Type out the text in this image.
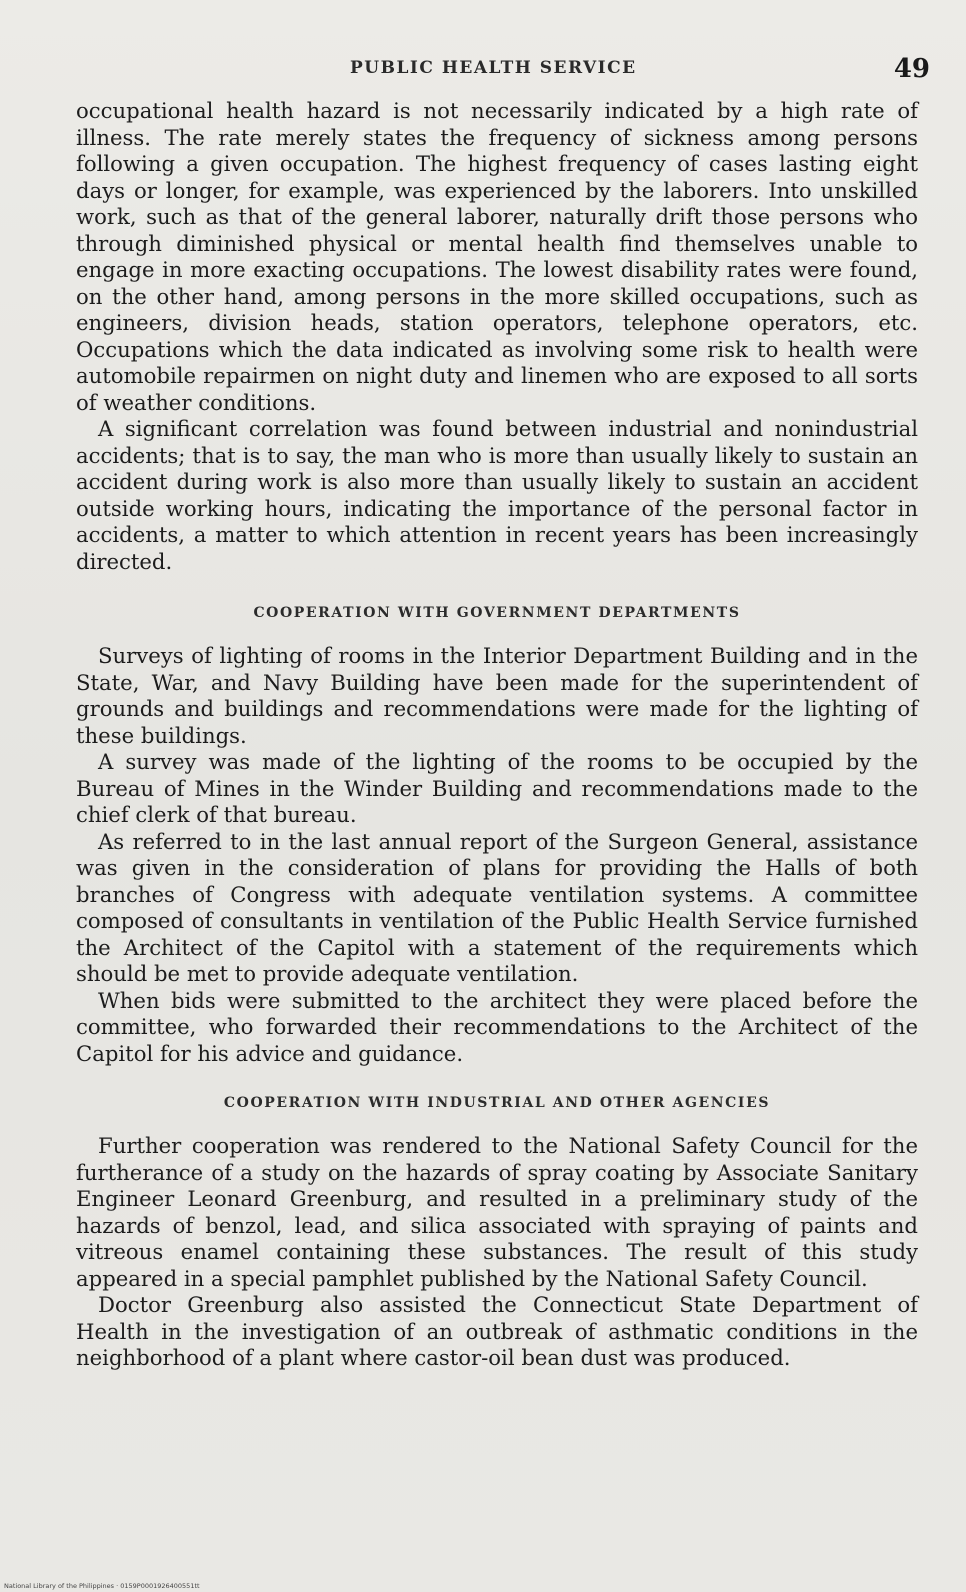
PUBLIC HEALTH SERVICE	49

occupational health hazard is not necessarily indicated by a high rate of illness. The rate merely states the frequency of sickness among persons following a given occupation. The highest frequency of cases lasting eight days or longer, for example, was experienced by the laborers. Into unskilled work, such as that of the general laborer, naturally drift those persons who through diminished physical or mental health find themselves unable to engage in more exacting occupations. The lowest disability rates were found, on the other hand, among persons in the more skilled occupations, such as engineers, division heads, station operators, telephone operators, etc. Occupations which the data indicated as involving some risk to health were automobile repairmen on night duty and linemen who are exposed to all sorts of weather conditions.

A significant correlation was found between industrial and nonindustrial accidents; that is to say, the man who is more than usually likely to sustain an accident during work is also more than usually likely to sustain an accident outside working hours, indicating the importance of the personal factor in accidents, a matter to which attention in recent years has been increasingly directed.

COOPERATION WITH GOVERNMENT DEPARTMENTS

Surveys of lighting of rooms in the Interior Department Building and in the State, War, and Navy Building have been made for the superintendent of grounds and buildings and recommendations were made for the lighting of these buildings.

A survey was made of the lighting of the rooms to be occupied by the Bureau of Mines in the Winder Building and recommendations made to the chief clerk of that bureau.

As referred to in the last annual report of the Surgeon General, assistance was given in the consideration of plans for providing the Halls of both branches of Congress with adequate ventilation systems. A committee composed of consultants in ventilation of the Public Health Service furnished the Architect of the Capitol with a statement of the requirements which should be met to provide adequate ventilation.

When bids were submitted to the architect they were placed before the committee, who forwarded their recommendations to the Architect of the Capitol for his advice and guidance.

COOPERATION WITH INDUSTRIAL AND OTHER AGENCIES

Further cooperation was rendered to the National Safety Council for the furtherance of a study on the hazards of spray coating by Associate Sanitary Engineer Leonard Greenburg, and resulted in a preliminary study of the hazards of benzol, lead, and silica associated with spraying of paints and vitreous enamel containing these substances. The result of this study appeared in a special pamphlet published by the National Safety Council.

Doctor Greenburg also assisted the Connecticut State Department of Health in the investigation of an outbreak of asthmatic conditions in the neighborhood of a plant where castor-oil bean dust was produced.

National Library of the Philippines · 0159P0001926400551tt
